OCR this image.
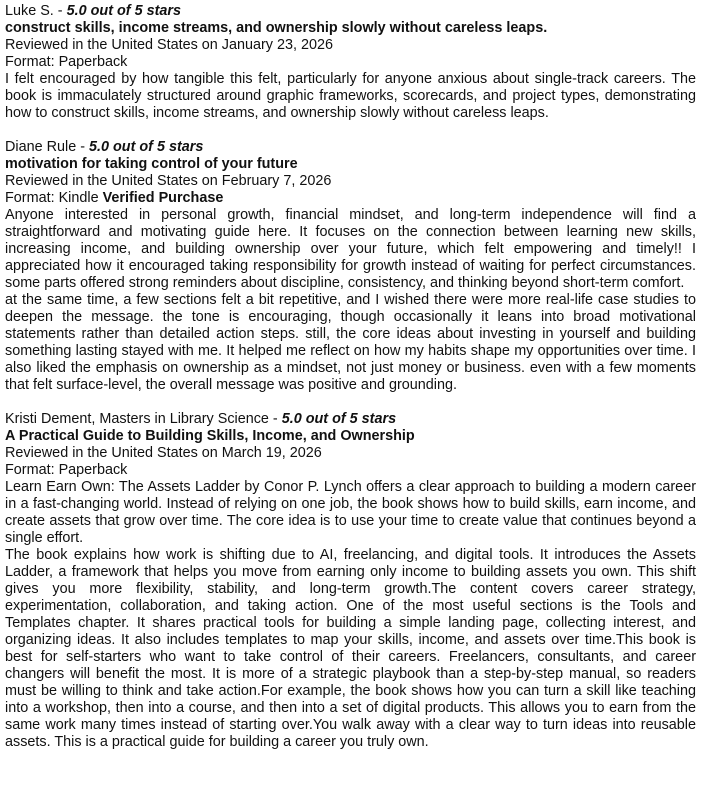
Luke S. - 5.0 out of 5 stars
construct skills, income streams, and ownership slowly without careless leaps.
Reviewed in the United States on January 23, 2026
Format: Paperback

I felt encouraged by how tangible this felt, particularly for anyone anxious about single-track careers. The book is immaculately structured around graphic frameworks, scorecards, and project types, demonstrating how to construct skills, income streams, and ownership slowly without careless leaps.

Diane Rule - 5.0 out of 5 stars
motivation for taking control of your future
Reviewed in the United States on February 7, 2026
Format: Kindle Verified Purchase

Anyone interested in personal growth, financial mindset, and long-term independence will find a straightforward and motivating guide here. It focuses on the connection between learning new skills, increasing income, and building ownership over your future, which felt empowering and timely!! I appreciated how it encouraged taking responsibility for growth instead of waiting for perfect circumstances. some parts offered strong reminders about discipline, consistency, and thinking beyond short-term comfort.

at the same time, a few sections felt a bit repetitive, and I wished there were more real-life case studies to deepen the message. the tone is encouraging, though occasionally it leans into broad motivational statements rather than detailed action steps. still, the core ideas about investing in yourself and building something lasting stayed with me. It helped me reflect on how my habits shape my opportunities over time. I also liked the emphasis on ownership as a mindset, not just money or business. even with a few moments that felt surface-level, the overall message was positive and grounding.

Kristi Dement, Masters in Library Science - 5.0 out of 5 stars
A Practical Guide to Building Skills, Income, and Ownership
Reviewed in the United States on March 19, 2026
Format: Paperback

Learn Earn Own: The Assets Ladder by Conor P. Lynch offers a clear approach to building a modern career in a fast-changing world. Instead of relying on one job, the book shows how to build skills, earn income, and create assets that grow over time. The core idea is to use your time to create value that continues beyond a single effort.

The book explains how work is shifting due to AI, freelancing, and digital tools. It introduces the Assets Ladder, a framework that helps you move from earning only income to building assets you own. This shift gives you more flexibility, stability, and long-term growth.The content covers career strategy, experimentation, collaboration, and taking action. One of the most useful sections is the Tools and Templates chapter. It shares practical tools for building a simple landing page, collecting interest, and organizing ideas. It also includes templates to map your skills, income, and assets over time.This book is best for self-starters who want to take control of their careers. Freelancers, consultants, and career changers will benefit the most. It is more of a strategic playbook than a step-by-step manual, so readers must be willing to think and take action.For example, the book shows how you can turn a skill like teaching into a workshop, then into a course, and then into a set of digital products. This allows you to earn from the same work many times instead of starting over.You walk away with a clear way to turn ideas into reusable assets. This is a practical guide for building a career you truly own.
